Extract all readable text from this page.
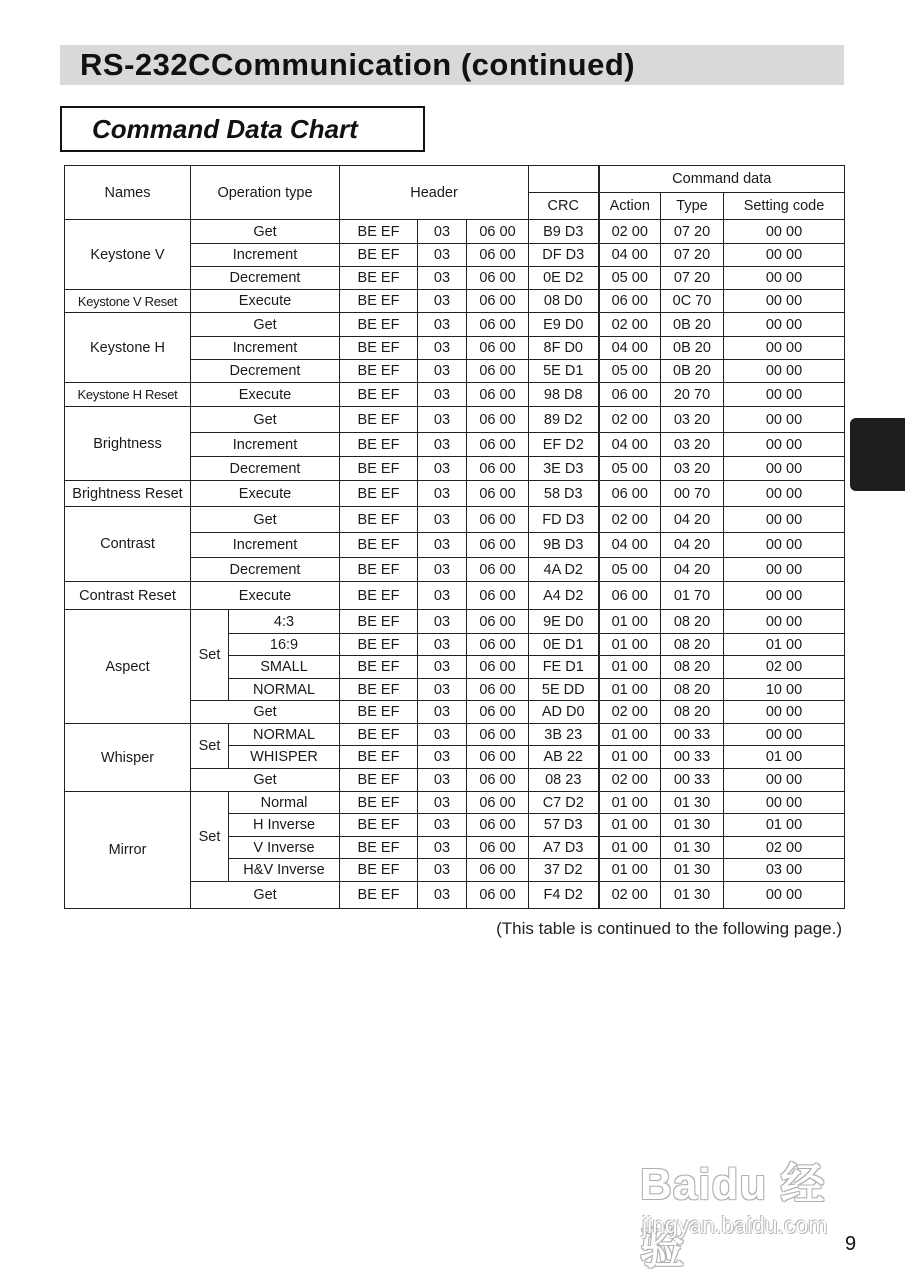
RS-232CCommunication (continued)
Command Data Chart
Names	Operation type		Header				Command data		
						CRC	Action	Type	Setting code
Keystone V	Get		BE EF	03	06 00	B9 D3	02 00	07 20	00 00
	Increment		BE EF	03	06 00	DF D3	04 00	07 20	00 00
	Decrement		BE EF	03	06 00	0E D2	05 00	07 20	00 00
Keystone V Reset	Execute		BE EF	03	06 00	08 D0	06 00	0C 70	00 00
Keystone H	Get		BE EF	03	06 00	E9 D0	02 00	0B 20	00 00
	Increment		BE EF	03	06 00	8F D0	04 00	0B 20	00 00
	Decrement		BE EF	03	06 00	5E D1	05 00	0B 20	00 00
Keystone H Reset	Execute		BE EF	03	06 00	98 D8	06 00	20 70	00 00
Brightness	Get		BE EF	03	06 00	89 D2	02 00	03 20	00 00
	Increment		BE EF	03	06 00	EF D2	04 00	03 20	00 00
	Decrement		BE EF	03	06 00	3E D3	05 00	03 20	00 00
Brightness Reset	Execute		BE EF	03	06 00	58 D3	06 00	00 70	00 00
Contrast	Get		BE EF	03	06 00	FD D3	02 00	04 20	00 00
	Increment		BE EF	03	06 00	9B D3	04 00	04 20	00 00
	Decrement		BE EF	03	06 00	4A D2	05 00	04 20	00 00
Contrast Reset	Execute		BE EF	03	06 00	A4 D2	06 00	01 70	00 00
Aspect	Set	4:3	BE EF	03	06 00	9E D0	01 00	08 20	00 00
		16:9	BE EF	03	06 00	0E D1	01 00	08 20	01 00
		SMALL	BE EF	03	06 00	FE D1	01 00	08 20	02 00
		NORMAL	BE EF	03	06 00	5E DD	01 00	08 20	10 00
	Get		BE EF	03	06 00	AD D0	02 00	08 20	00 00
Whisper	Set	NORMAL	BE EF	03	06 00	3B 23	01 00	00 33	00 00
		WHISPER	BE EF	03	06 00	AB 22	01 00	00 33	01 00
	Get		BE EF	03	06 00	08 23	02 00	00 33	00 00
Mirror	Set	Normal	BE EF	03	06 00	C7 D2	01 00	01 30	00 00
		H Inverse	BE EF	03	06 00	57 D3	01 00	01 30	01 00
		V Inverse	BE EF	03	06 00	A7 D3	01 00	01 30	02 00
		H&V Inverse	BE EF	03	06 00	37 D2	01 00	01 30	03 00
	Get		BE EF	03	06 00	F4 D2	02 00	01 30	00 00
(This table is continued to the following page.)
Baidu 经验
jingyan.baidu.com
9
